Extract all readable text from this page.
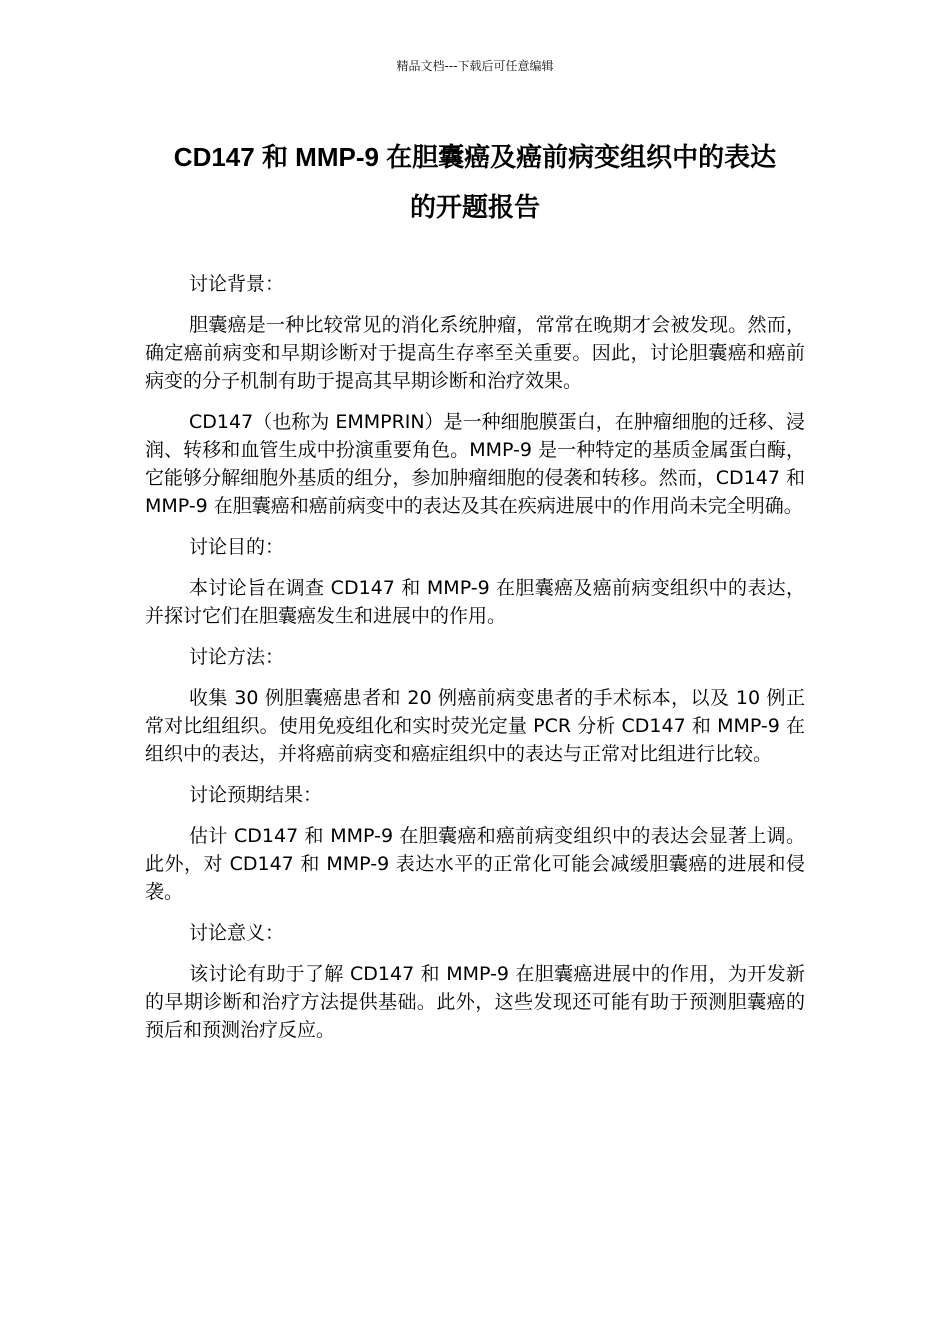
精品文档---下载后可任意编辑
CD147 和 MMP-9 在胆囊癌及癌前病变组织中的表达
的开题报告

讨论背景：

胆囊癌是一种比较常见的消化系统肿瘤，常常在晚期才会被发现。然而，确定癌前病变和早期诊断对于提高生存率至关重要。因此，讨论胆囊癌和癌前病变的分子机制有助于提高其早期诊断和治疗效果。

CD147（也称为 EMMPRIN）是一种细胞膜蛋白，在肿瘤细胞的迁移、浸润、转移和血管生成中扮演重要角色。MMP-9 是一种特定的基质金属蛋白酶，它能够分解细胞外基质的组分，参加肿瘤细胞的侵袭和转移。然而，CD147 和 MMP-9 在胆囊癌和癌前病变中的表达及其在疾病进展中的作用尚未完全明确。

讨论目的：

本讨论旨在调查 CD147 和 MMP-9 在胆囊癌及癌前病变组织中的表达，并探讨它们在胆囊癌发生和进展中的作用。

讨论方法：

收集 30 例胆囊癌患者和 20 例癌前病变患者的手术标本，以及 10 例正常对比组组织。使用免疫组化和实时荧光定量 PCR 分析 CD147 和 MMP-9 在组织中的表达，并将癌前病变和癌症组织中的表达与正常对比组进行比较。

讨论预期结果：

估计 CD147 和 MMP-9 在胆囊癌和癌前病变组织中的表达会显著上调。此外，对 CD147 和 MMP-9 表达水平的正常化可能会减缓胆囊癌的进展和侵袭。

讨论意义：

该讨论有助于了解 CD147 和 MMP-9 在胆囊癌进展中的作用，为开发新的早期诊断和治疗方法提供基础。此外，这些发现还可能有助于预测胆囊癌的预后和预测治疗反应。
